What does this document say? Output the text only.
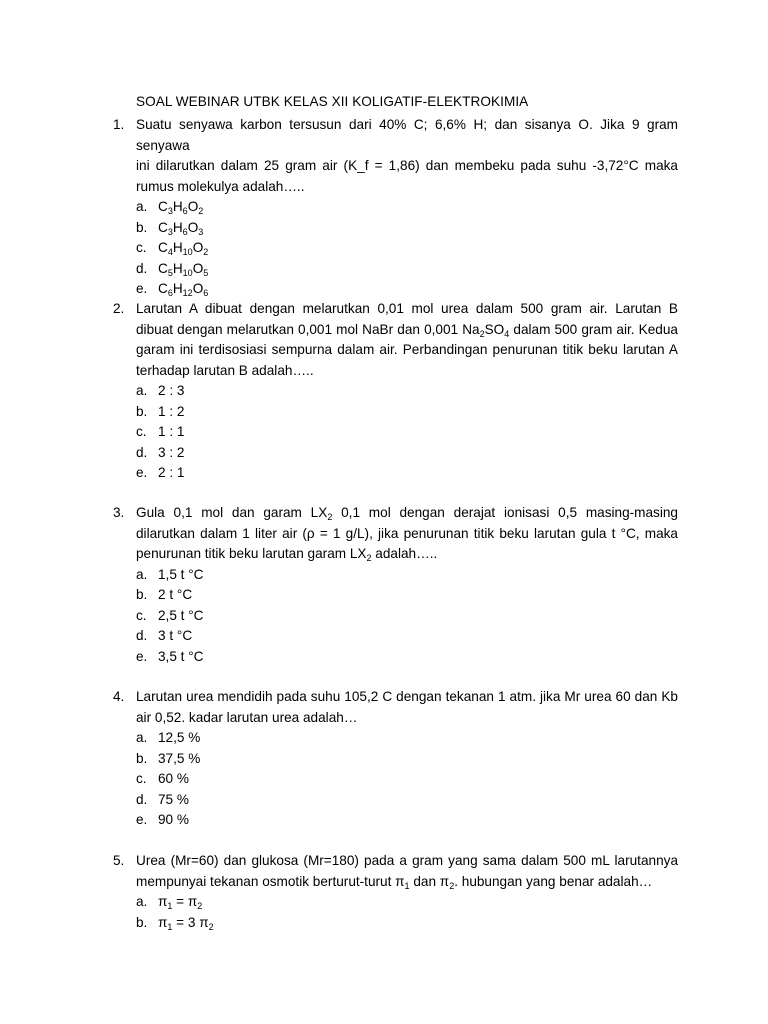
SOAL WEBINAR UTBK KELAS XII KOLIGATIF-ELEKTROKIMIA
1. Suatu senyawa karbon tersusun dari 40% C; 6,6% H; dan sisanya O. Jika 9 gram senyawa
ini dilarutkan dalam 25 gram air (K_f = 1,86) dan membeku pada suhu -3,72°C maka
rumus molekulya adalah…..
a. $C_3H_6O_2$
b. $C_3H_6O_3$
c. $C_4H_{10}O_2$
d. $C_5H_{10}O_5$
e. $C_6H_{12}O_6$
2. Larutan A dibuat dengan melarutkan 0,01 mol urea dalam 500 gram air. Larutan B
dibuat dengan melarutkan 0,001 mol NaBr dan 0,001 $Na_2SO_4$ dalam 500 gram air. Kedua
garam ini terdisosiasi sempurna dalam air. Perbandingan penurunan titik beku larutan A
terhadap larutan B adalah…..
a. 2 : 3
b. 1 : 2
c. 1 : 1
d. 3 : 2
e. 2 : 1
3. Gula 0,1 mol dan garam $LX_2$ 0,1 mol dengan derajat ionisasi 0,5 masing-masing
dilarutkan dalam 1 liter air (ρ = 1 g/L), jika penurunan titik beku larutan gula t °C, maka
penurunan titik beku larutan garam $LX_2$ adalah…..
a. 1,5 t °C
b. 2 t °C
c. 2,5 t °C
d. 3 t °C
e. 3,5 t °C
4. Larutan urea mendidih pada suhu 105,2 C dengan tekanan 1 atm. jika Mr urea 60 dan Kb
air 0,52. kadar larutan urea adalah…
a. 12,5 %
b. 37,5 %
c. 60 %
d. 75 %
e. 90 %
5. Urea (Mr=60) dan glukosa (Mr=180) pada a gram yang sama dalam 500 mL larutannya
mempunyai tekanan osmotik berturut-turut $\pi_1$ dan $\pi_2$. hubungan yang benar adalah…
a. $\pi_1 = \pi_2$
b. $\pi_1 = 3$ $\pi_2$
